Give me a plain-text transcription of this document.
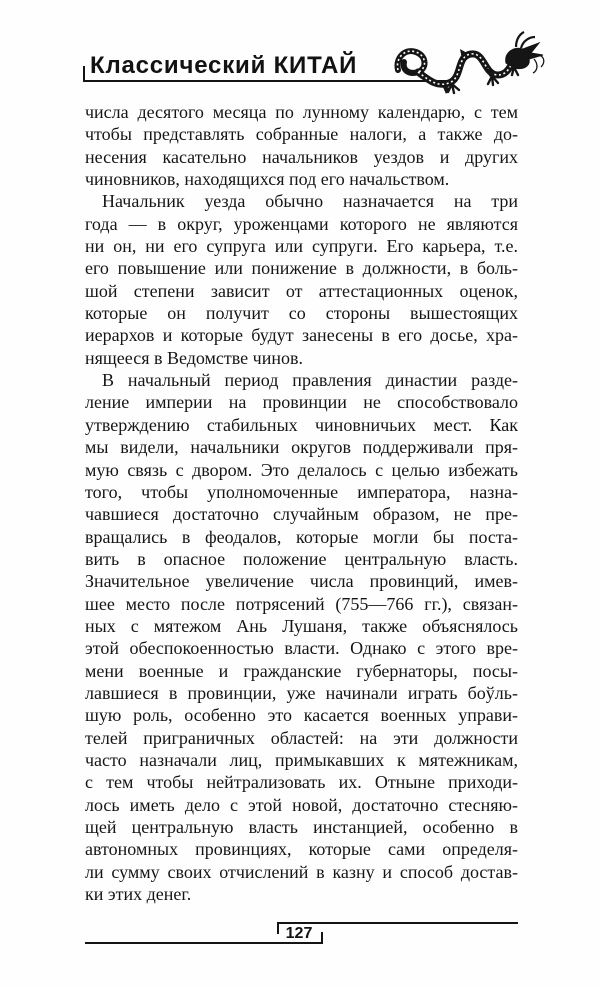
Классический КИТАЙ
числа десятого месяца по лунному календарю, с тем
чтобы представлять собранные налоги, а также до-
несения касательно начальников уездов и других
чиновников, находящихся под его начальством.
Начальник уезда обычно назначается на три
года — в округ, уроженцами которого не являются
ни он, ни его супруга или супруги. Его карьера, т.е.
его повышение или понижение в должности, в боль-
шой степени зависит от аттестационных оценок,
которые он получит со стороны вышестоящих
иерархов и которые будут занесены в его досье, хра-
нящееся в Ведомстве чинов.
В начальный период правления династии разде-
ление империи на провинции не способствовало
утверждению стабильных чиновничьих мест. Как
мы видели, начальники округов поддерживали пря-
мую связь с двором. Это делалось с целью избежать
того, чтобы уполномоченные императора, назна-
чавшиеся достаточно случайным образом, не пре-
вращались в феодалов, которые могли бы поста-
вить в опасное положение центральную власть.
Значительное увеличение числа провинций, имев-
шее место после потрясений (755—766 гг.), связан-
ных с мятежом Ань Лушаня, также объяснялось
этой обеспокоенностью власти. Однако с этого вре-
мени военные и гражданские губернаторы, посы-
лавшиеся в провинции, уже начинали играть боўль-
шую роль, особенно это касается военных управи-
телей приграничных областей: на эти должности
часто назначали лиц, примыкавших к мятежникам,
с тем чтобы нейтрализовать их. Отныне приходи-
лось иметь дело с этой новой, достаточно стесняю-
щей центральную власть инстанцией, особенно в
автономных провинциях, которые сами определя-
ли сумму своих отчислений в казну и способ достав-
ки этих денег.
127
